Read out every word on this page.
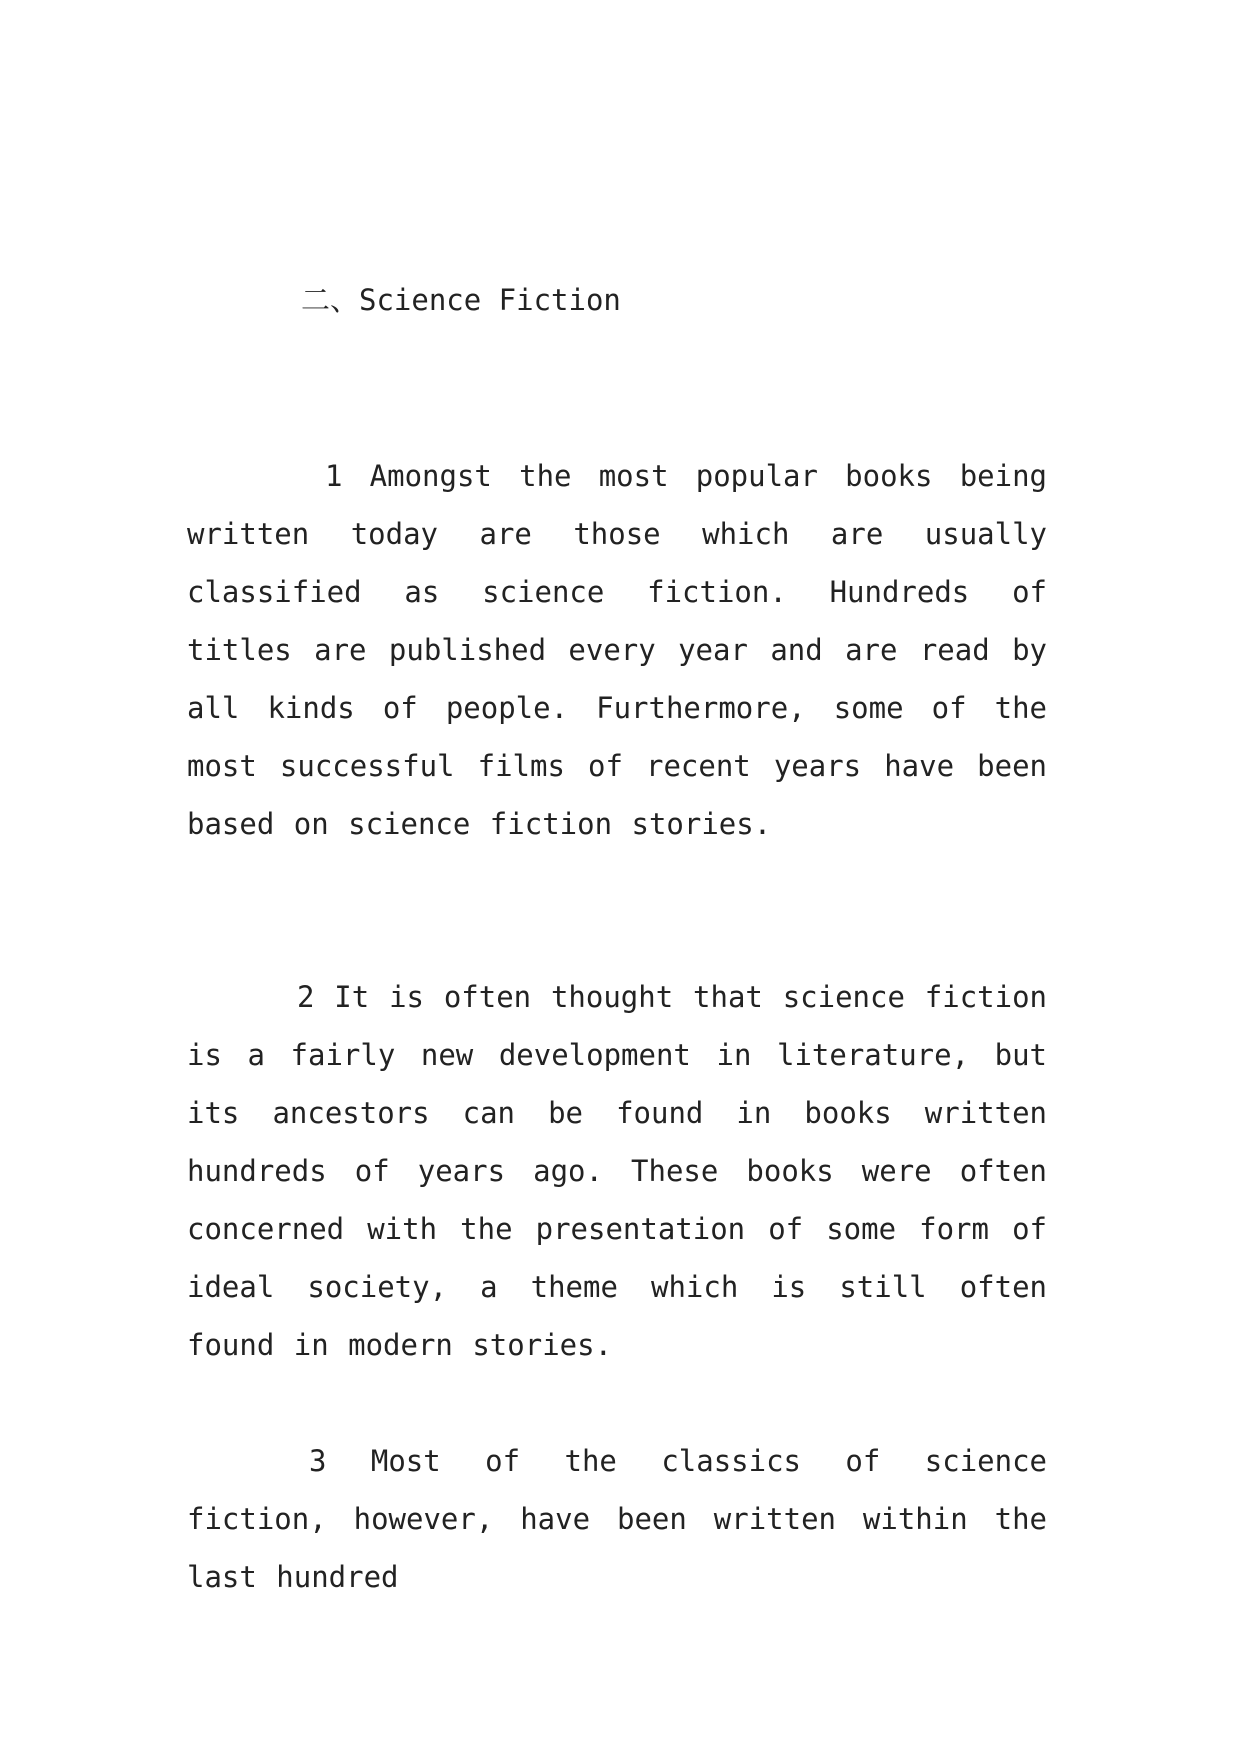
二、Science Fiction

1 Amongst the most popular books being written today are those which are usually classified as science fiction. Hundreds of titles are published every year and are read by all kinds of people. Furthermore, some of the most successful films of recent years have been based on science fiction stories.

2 It is often thought that science fiction is a fairly new development in literature, but its ancestors can be found in books written hundreds of years ago. These books were often concerned with the presentation of some form of ideal society, a theme which is still often found in modern stories.

3 Most of the classics of science fiction, however, have been written within the last hundred
